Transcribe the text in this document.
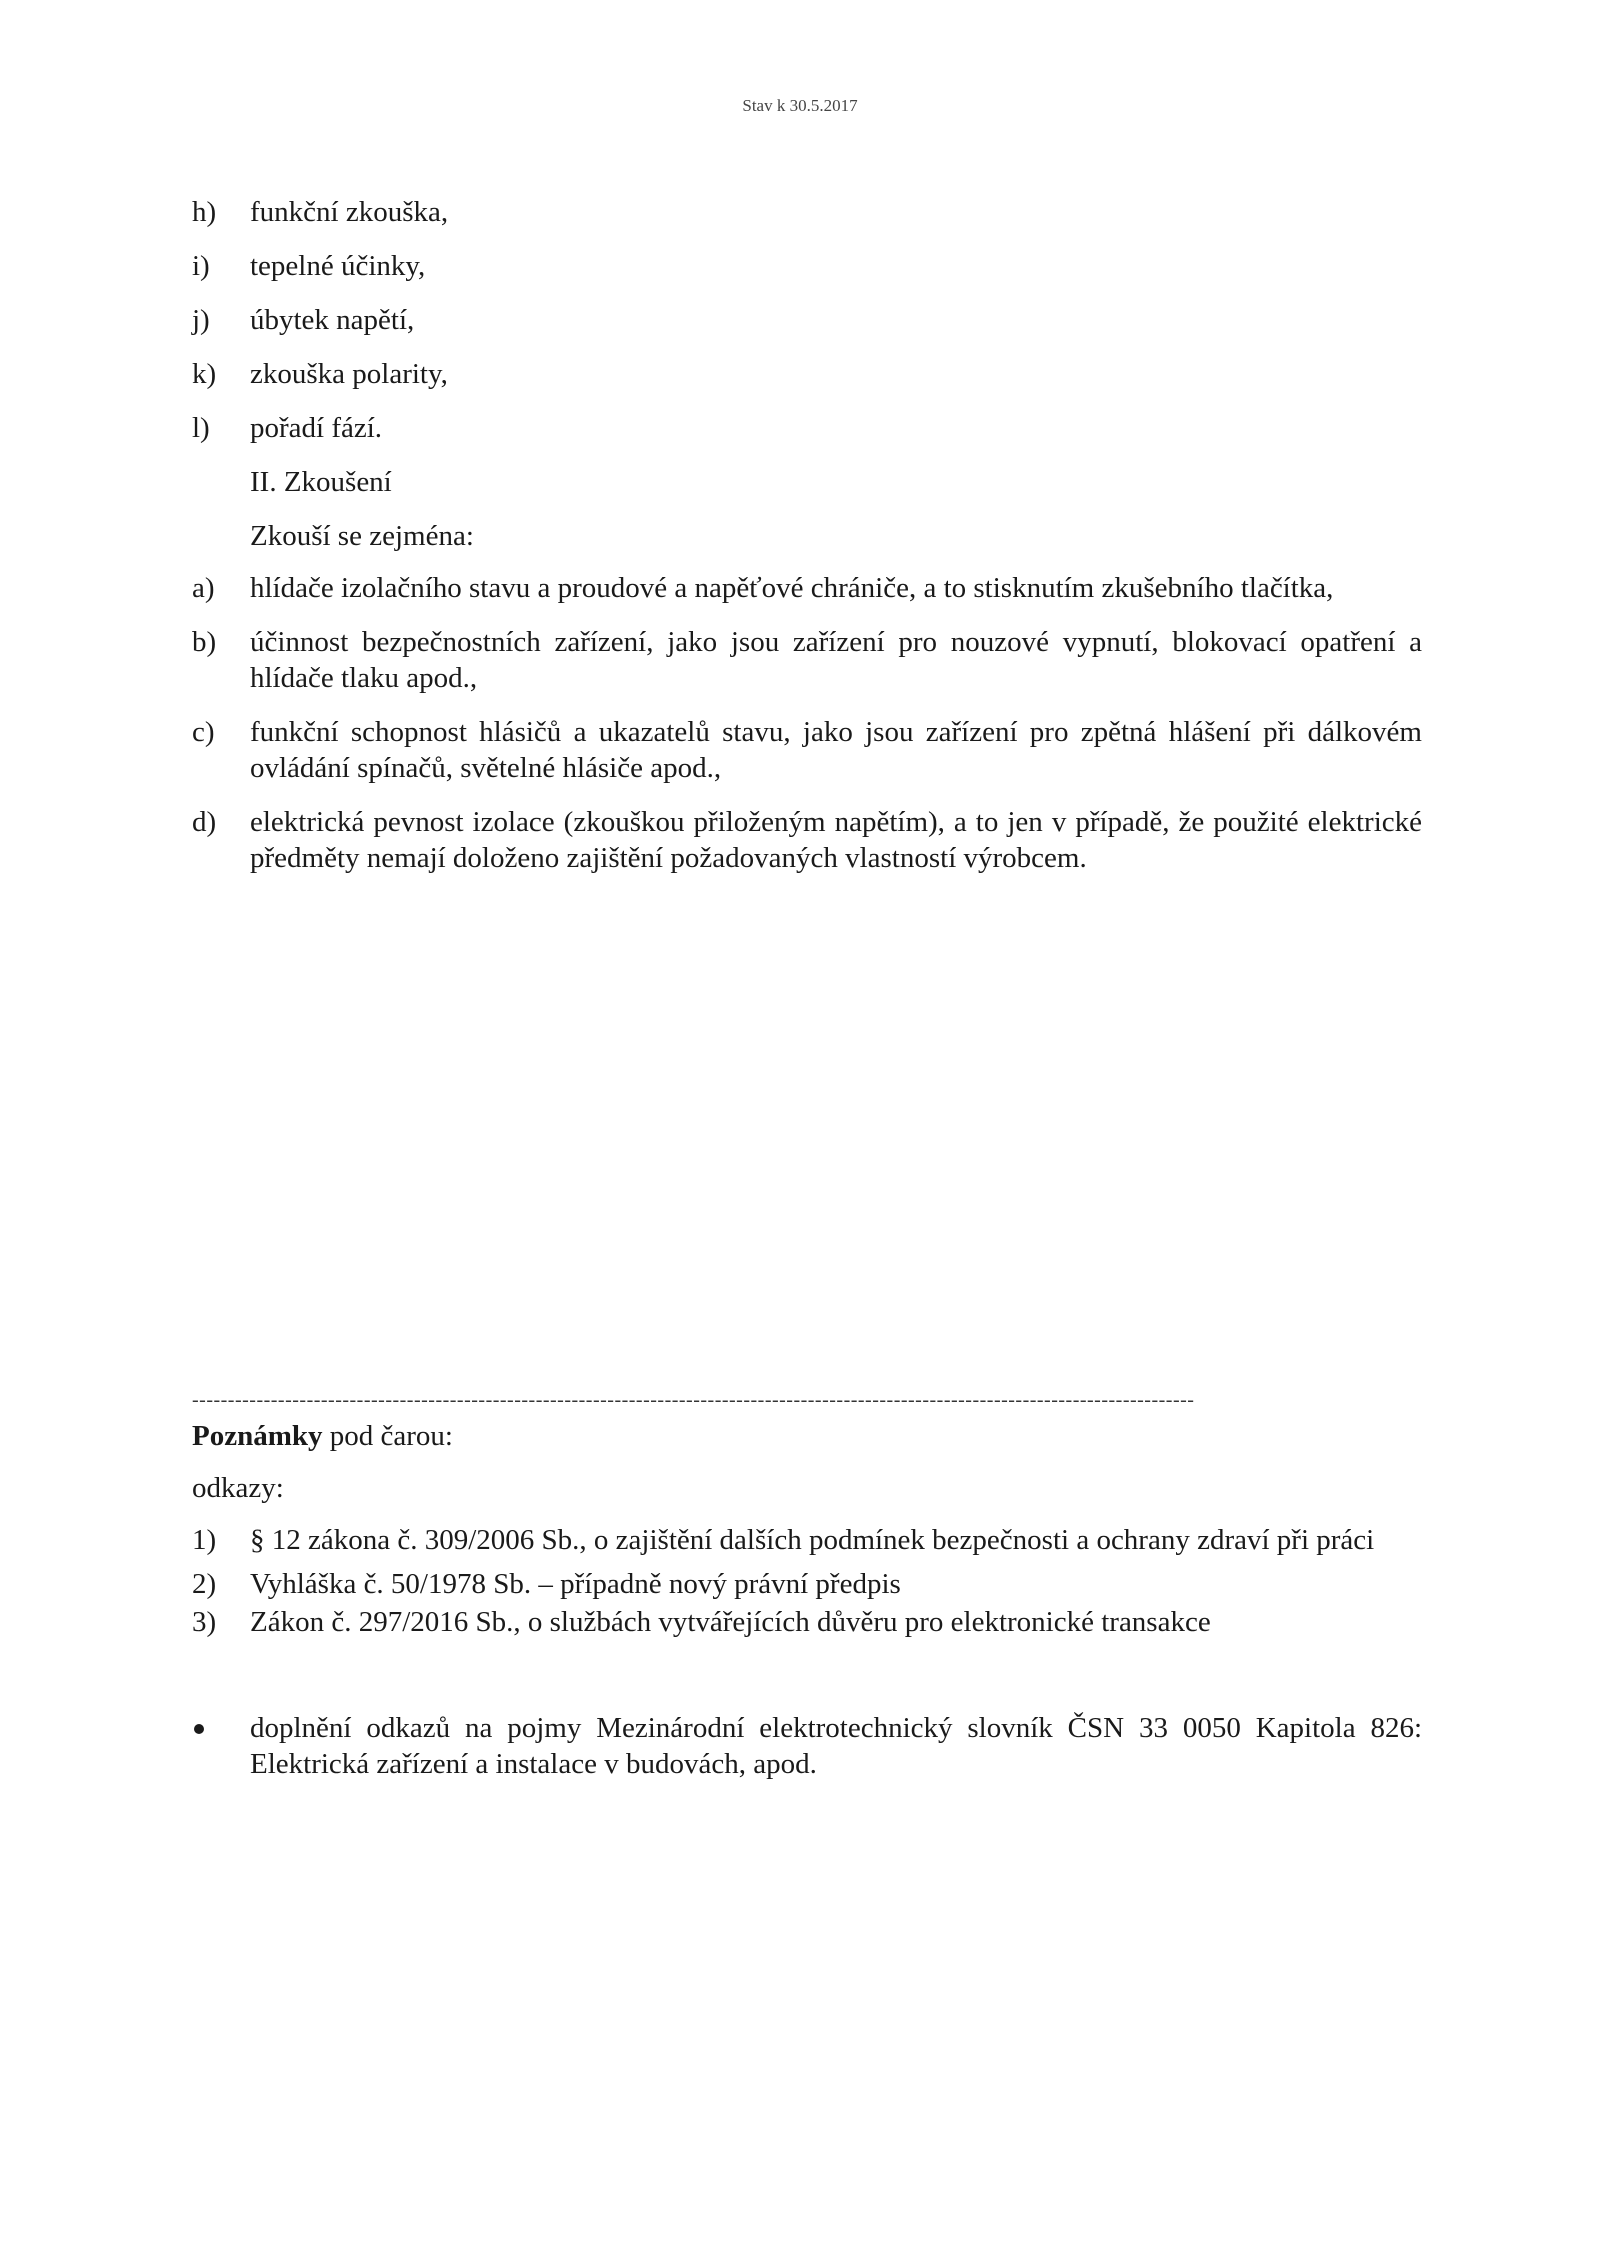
Stav k 30.5.2017
h) funkční zkouška,
i) tepelné účinky,
j) úbytek napětí,
k) zkouška polarity,
l) pořadí fází.
II. Zkoušení
Zkouší se zejména:
a) hlídače izolačního stavu a proudové a napěťové chrániče, a to stisknutím zkušebního tlačítka,
b) účinnost bezpečnostních zařízení, jako jsou zařízení pro nouzové vypnutí, blokovací opatření a hlídače tlaku apod.,
c) funkční schopnost hlásičů a ukazatelů stavu, jako jsou zařízení pro zpětná hlášení při dálkovém ovládání spínačů, světelné hlásiče apod.,
d) elektrická pevnost izolace (zkouškou přiloženým napětím), a to jen v případě, že použité elektrické předměty nemají doloženo zajištění požadovaných vlastností výrobcem.
--------------------------------------------------------------------------------------------------------------------------------------------
Poznámky pod čarou:
odkazy:
1) § 12 zákona č. 309/2006 Sb., o zajištění dalších podmínek bezpečnosti a ochrany zdraví při práci
2) Vyhláška č. 50/1978 Sb. – případně nový právní předpis
3) Zákon č. 297/2016 Sb., o službách vytvářejících důvěru pro elektronické transakce
doplnění odkazů na pojmy Mezinárodní elektrotechnický slovník ČSN 33 0050 Kapitola 826: Elektrická zařízení a instalace v budovách, apod.
